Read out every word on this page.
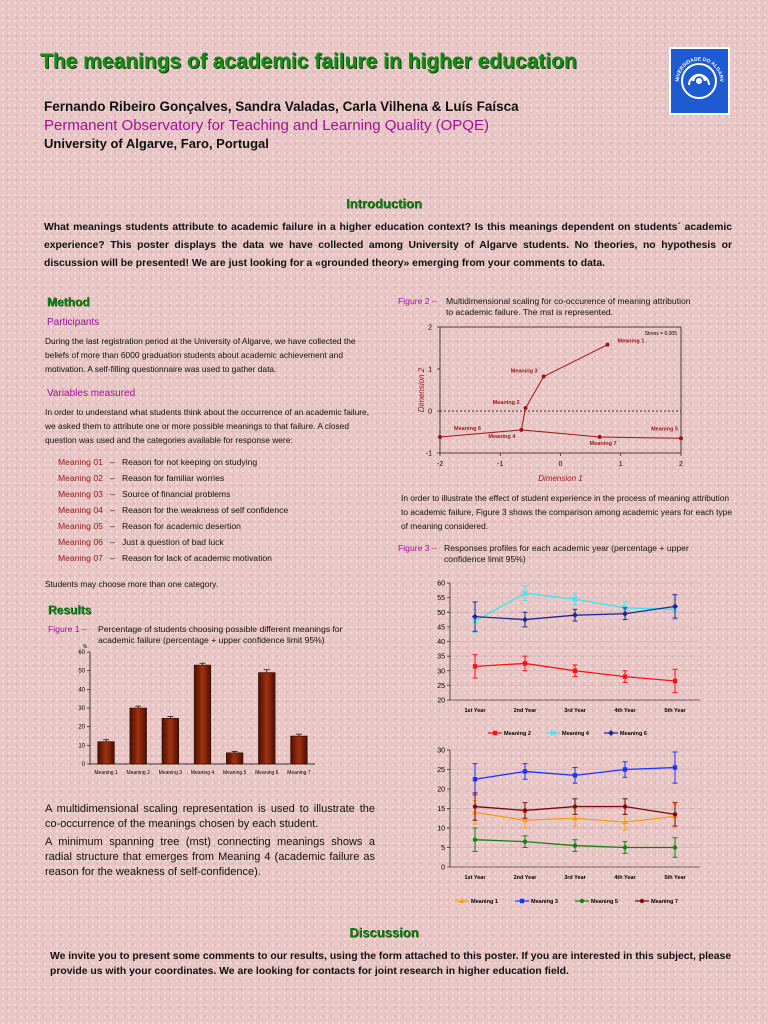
The meanings of academic failure in higher education
Fernando Ribeiro Gonçalves, Sandra Valadas, Carla Vilhena & Luís Faísca
Permanent Observatory for Teaching and Learning Quality (OPQE)
University of Algarve, Faro, Portugal
NIVERSIDADE DO ALGARV
Introduction
What meanings students attribute to academic failure in a higher education context? Is this meanings dependent on students´ academic experience? This poster displays the data we have collected among University of Algarve students. No theories, no hypothesis or discussion will be presented! We are just looking for a «grounded theory» emerging from your comments to data.
Method
Participants
During the last registration period at the University of Algarve, we have collected the beliefs of more than 6000 graduation students about academic achievement and motivation. A self-filling questionnaire was used to gather data.
Variables measured
In order to understand what students think about the occurrence of an academic failure, we asked them to attribute one or more possible meanings to that failure. A closed question was used and the categories available for response were:
Meaning 01 – Reason for not keeping on studying
Meaning 02 – Reason for familiar worries
Meaning 03 – Source of financial problems
Meaning 04 – Reason for the weakness of self confidence
Meaning 05 – Reason for academic desertion
Meaning 06 – Just a question of bad luck
Meaning 07 – Reason for lack of academic motivation
Students may choose more than one category.
Results
Figure 1 –	Percentage of students choosing possible different meanings for academic failure (percentage + upper confidence limit 95%)
%
0
10
20
30
40
50
60
Meaning 1 Meaning 2 Meaning 3 Meaning 4 Meaning 5 Meaning 6 Meaning 7
A multidimensional scaling representation is used to illustrate the co-occurrence of the meanings chosen by each student.
A minimum spanning tree (mst) connecting meanings shows a radial structure that emerges from Meaning 4 (academic failure as reason for the weakness of self-confidence).
Figure 2 –	Multidimensional scaling for co-occurence of meaning attribution to academic failure. The mst is represented.
-1
0
1
2
-2	-1	0	1	2
Dimension 1
Dimension 2
Stress = 0.005
Meaning 1
Meaning 2
Meaning 3
Meaning 4
Meaning 5
Meaning 6
Meaning 7
In order to illustrate the effect of student experience in the process of meaning attribution to academic failure, Figure 3 shows the comparison among academic years for each type of meaning considered.
Figure 3 – Responses profiles for each academic year (percentage + upper confidence limit 95%)
20
25
30
35
40
45
50
55
60
1st Year	2nd Year	3rd Year	4th Year	5th Year
Meaning 2	Meaning 4	Meaning 6
0
5
10
15
20
25
30
1st Year	2nd Year	3rd Year	4th Year	5th Year
Meaning 1	Meaning 3	Meaning 5	Meaning 7
Discussion
We invite you to present some comments to our results, using the form attached to this poster. If you are interested in this subject, please provide us with your coordinates. We are looking for contacts for joint research in higher education field.
